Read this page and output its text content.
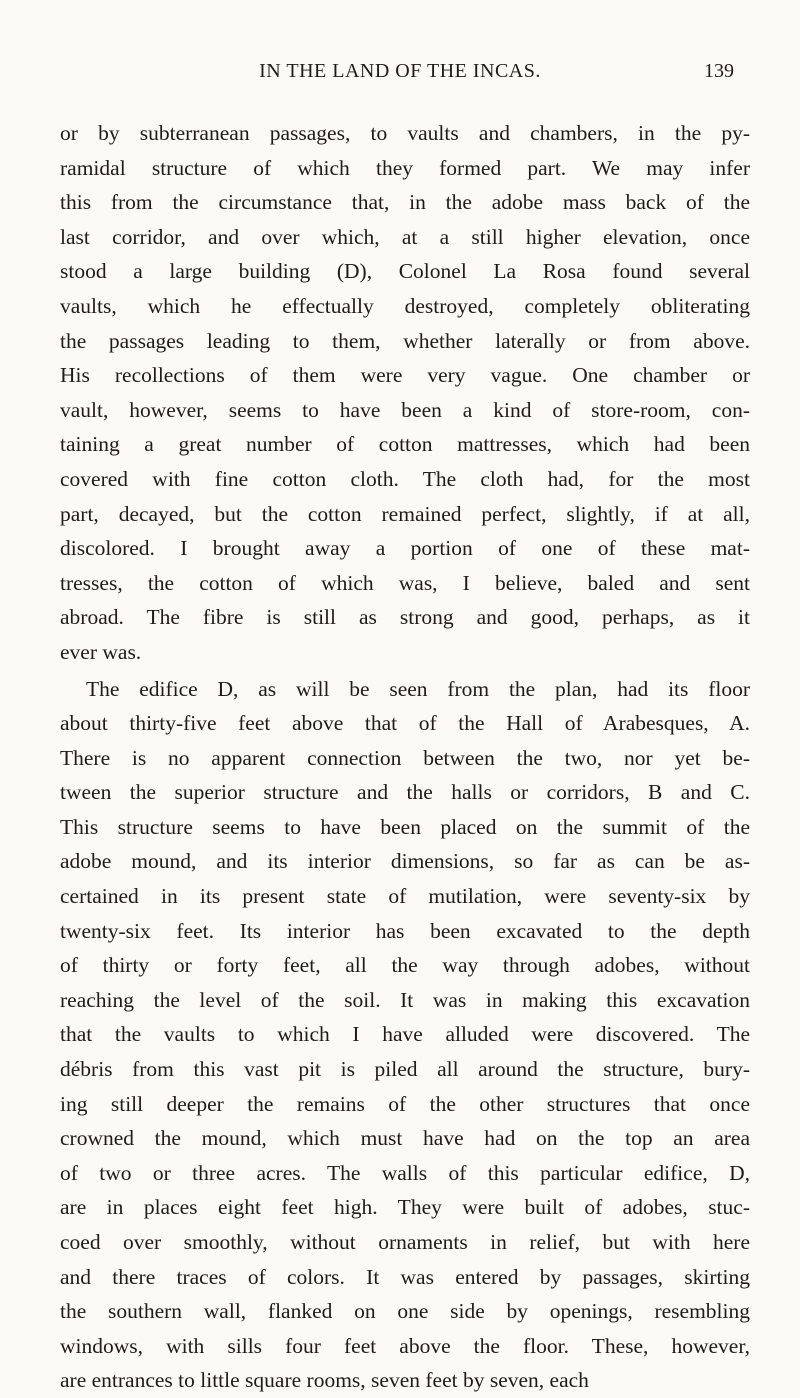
IN THE LAND OF THE INCAS.	139
or by subterranean passages, to vaults and chambers, in the py-
ramidal structure of which they formed part. We may infer
this from the circumstance that, in the adobe mass back of the
last corridor, and over which, at a still higher elevation, once
stood a large building (D), Colonel La Rosa found several
vaults, which he effectually destroyed, completely obliterating
the passages leading to them, whether laterally or from above.
His recollections of them were very vague. One chamber or
vault, however, seems to have been a kind of store-room, con-
taining a great number of cotton mattresses, which had been
covered with fine cotton cloth. The cloth had, for the most
part, decayed, but the cotton remained perfect, slightly, if at all,
discolored. I brought away a portion of one of these mat-
tresses, the cotton of which was, I believe, baled and sent
abroad. The fibre is still as strong and good, perhaps, as it
ever was.
The edifice D, as will be seen from the plan, had its floor
about thirty-five feet above that of the Hall of Arabesques, A.
There is no apparent connection between the two, nor yet be-
tween the superior structure and the halls or corridors, B and C.
This structure seems to have been placed on the summit of the
adobe mound, and its interior dimensions, so far as can be as-
certained in its present state of mutilation, were seventy-six by
twenty-six feet. Its interior has been excavated to the depth
of thirty or forty feet, all the way through adobes, without
reaching the level of the soil. It was in making this excavation
that the vaults to which I have alluded were discovered. The
débris from this vast pit is piled all around the structure, bury-
ing still deeper the remains of the other structures that once
crowned the mound, which must have had on the top an area
of two or three acres. The walls of this particular edifice, D,
are in places eight feet high. They were built of adobes, stuc-
coed over smoothly, without ornaments in relief, but with here
and there traces of colors. It was entered by passages, skirting
the southern wall, flanked on one side by openings, resembling
windows, with sills four feet above the floor. These, however,
are entrances to little square rooms, seven feet by seven, each
